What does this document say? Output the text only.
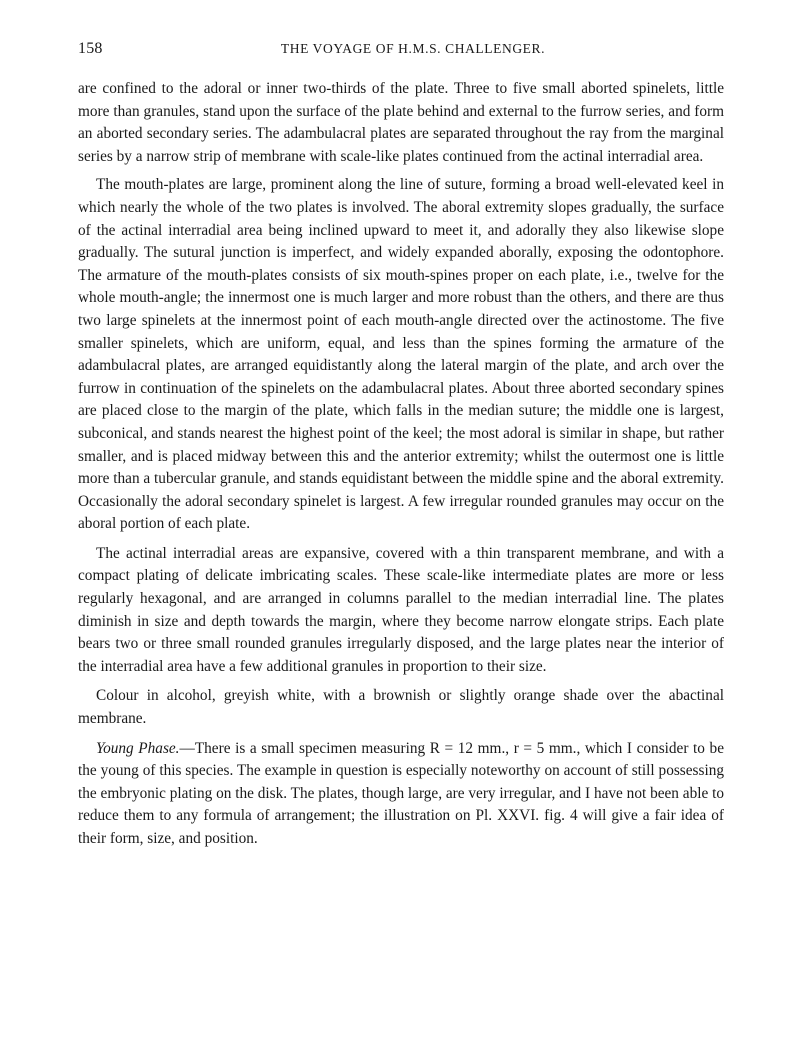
158	THE VOYAGE OF H.M.S. CHALLENGER.

are confined to the adoral or inner two-thirds of the plate. Three to five small aborted spinelets, little more than granules, stand upon the surface of the plate behind and external to the furrow series, and form an aborted secondary series. The adambulacral plates are separated throughout the ray from the marginal series by a narrow strip of membrane with scale-like plates continued from the actinal interradial area.

The mouth-plates are large, prominent along the line of suture, forming a broad well-elevated keel in which nearly the whole of the two plates is involved. The aboral extremity slopes gradually, the surface of the actinal interradial area being inclined upward to meet it, and adorally they also likewise slope gradually. The sutural junction is imperfect, and widely expanded aborally, exposing the odontophore. The armature of the mouth-plates consists of six mouth-spines proper on each plate, i.e., twelve for the whole mouth-angle; the innermost one is much larger and more robust than the others, and there are thus two large spinelets at the innermost point of each mouth-angle directed over the actinostome. The five smaller spinelets, which are uniform, equal, and less than the spines forming the armature of the adambulacral plates, are arranged equidistantly along the lateral margin of the plate, and arch over the furrow in continuation of the spinelets on the adambulacral plates. About three aborted secondary spines are placed close to the margin of the plate, which falls in the median suture; the middle one is largest, subconical, and stands nearest the highest point of the keel; the most adoral is similar in shape, but rather smaller, and is placed midway between this and the anterior extremity; whilst the outermost one is little more than a tubercular granule, and stands equidistant between the middle spine and the aboral extremity. Occasionally the adoral secondary spinelet is largest. A few irregular rounded granules may occur on the aboral portion of each plate.

The actinal interradial areas are expansive, covered with a thin transparent membrane, and with a compact plating of delicate imbricating scales. These scale-like intermediate plates are more or less regularly hexagonal, and are arranged in columns parallel to the median interradial line. The plates diminish in size and depth towards the margin, where they become narrow elongate strips. Each plate bears two or three small rounded granules irregularly disposed, and the large plates near the interior of the interradial area have a few additional granules in proportion to their size.

Colour in alcohol, greyish white, with a brownish or slightly orange shade over the abactinal membrane.

Young Phase.—There is a small specimen measuring R = 12 mm., r = 5 mm., which I consider to be the young of this species. The example in question is especially noteworthy on account of still possessing the embryonic plating on the disk. The plates, though large, are very irregular, and I have not been able to reduce them to any formula of arrangement; the illustration on Pl. XXVI. fig. 4 will give a fair idea of their form, size, and position.
